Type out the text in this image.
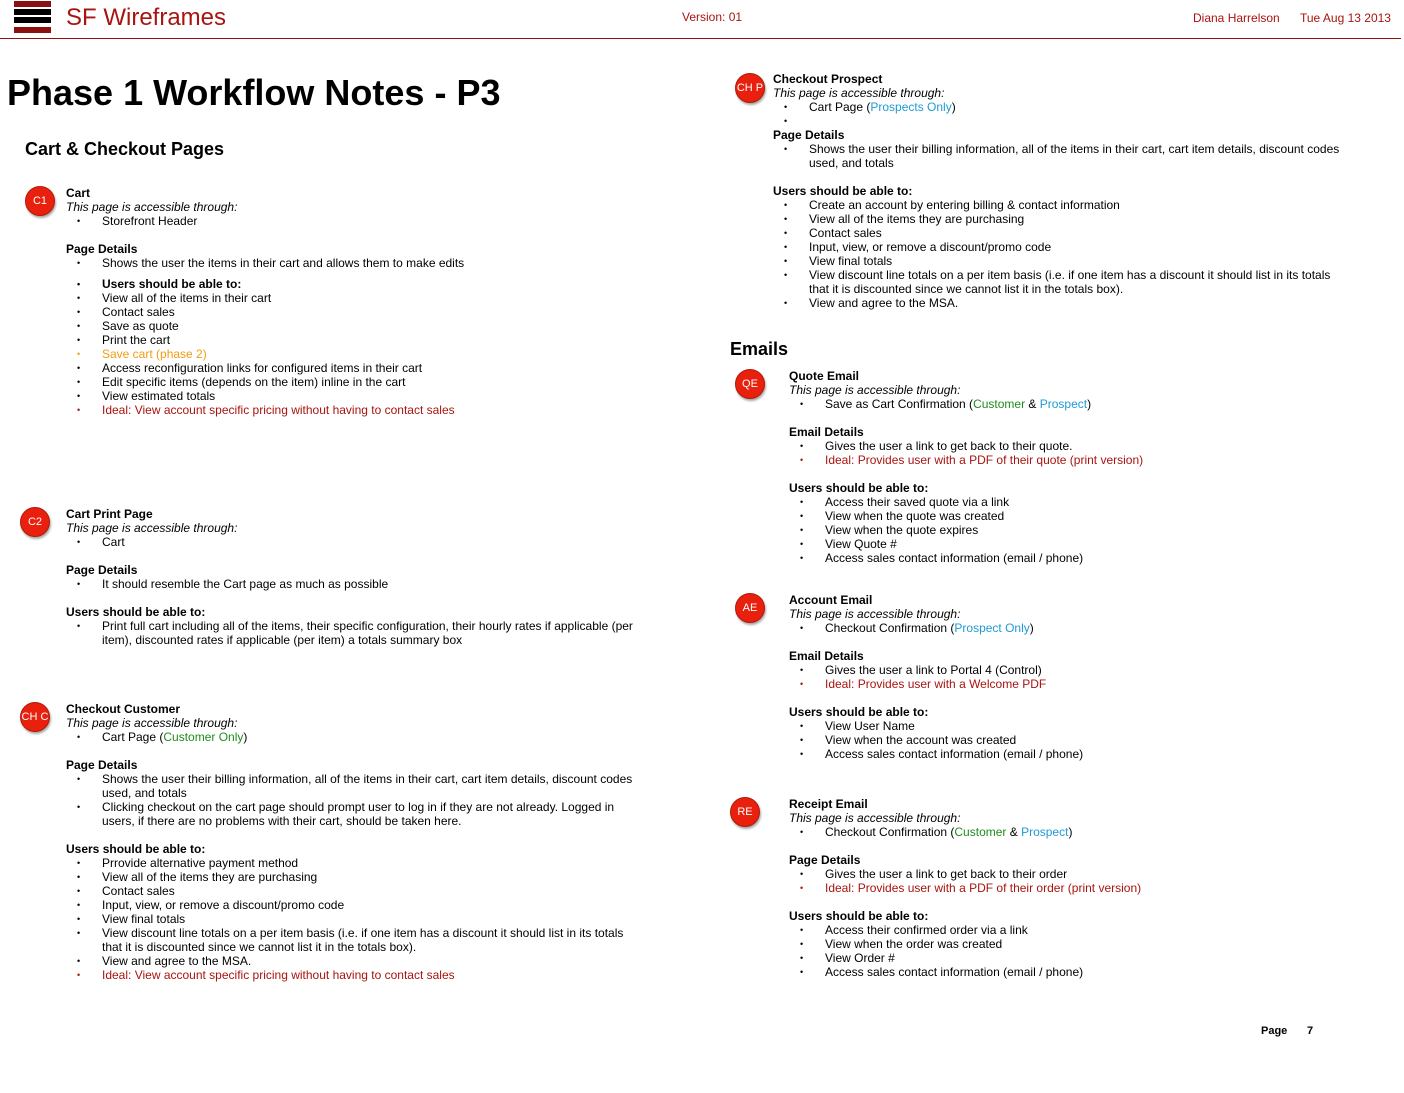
SF Wireframes	Version: 01	Diana Harrelson Tue Aug 13 2013
Phase 1 Workflow Notes - P3
Cart & Checkout Pages
Emails
C1
Cart
This page is accessible through:
• Storefront Header
Page Details
• Shows the user the items in their cart and allows them to make edits
• Users should be able to:
• View all of the items in their cart
• Contact sales
• Save as quote
• Print the cart
• Save cart (phase 2)
• Access reconfiguration links for configured items in their cart
• Edit specific items (depends on the item) inline in the cart
• View estimated totals
• Ideal: View account specific pricing without having to contact sales
C2
Cart Print Page
This page is accessible through:
• Cart
Page Details
• It should resemble the Cart page as much as possible
Users should be able to:
• Print full cart including all of the items, their specific configuration, their hourly rates if applicable (per item), discounted rates if applicable (per item) a totals summary box
CH C
Checkout Customer
This page is accessible through:
• Cart Page (Customer Only)
Page Details
• Shows the user their billing information, all of the items in their cart, cart item details, discount codes used, and totals
• Clicking checkout on the cart page should prompt user to log in if they are not already. Logged in users, if there are no problems with their cart, should be taken here.
Users should be able to:
• Prrovide alternative payment method
• View all of the items they are purchasing
• Contact sales
• Input, view, or remove a discount/promo code
• View final totals
• View discount line totals on a per item basis (i.e. if one item has a discount it should list in its totals that it is discounted since we cannot list it in the totals box).
• View and agree to the MSA.
• Ideal: View account specific pricing without having to contact sales
CH P
Checkout Prospect
This page is accessible through:
• Cart Page (Prospects Only)
•
Page Details
• Shows the user their billing information, all of the items in their cart, cart item details, discount codes used, and totals
Users should be able to:
• Create an account by entering billing & contact information
• View all of the items they are purchasing
• Contact sales
• Input, view, or remove a discount/promo code
• View final totals
• View discount line totals on a per item basis (i.e. if one item has a discount it should list in its totals that it is discounted since we cannot list it in the totals box).
• View and agree to the MSA.
QE
Quote Email
This page is accessible through:
• Save as Cart Confirmation (Customer & Prospect)
Email Details
• Gives the user a link to get back to their quote.
• Ideal: Provides user with a PDF of their quote (print version)
Users should be able to:
• Access their saved quote via a link
• View when the quote was created
• View when the quote expires
• View Quote #
• Access sales contact information (email / phone)
AE
Account Email
This page is accessible through:
• Checkout Confirmation (Prospect Only)
Email Details
• Gives the user a link to Portal 4 (Control)
• Ideal: Provides user with a Welcome PDF
Users should be able to:
• View User Name
• View when the account was created
• Access sales contact information (email / phone)
RE
Receipt Email
This page is accessible through:
• Checkout Confirmation (Customer & Prospect)
Page Details
• Gives the user a link to get back to their order
• Ideal: Provides user with a PDF of their order (print version)
Users should be able to:
• Access their confirmed order via a link
• View when the order was created
• View Order #
• Access sales contact information (email / phone)
Page 7
